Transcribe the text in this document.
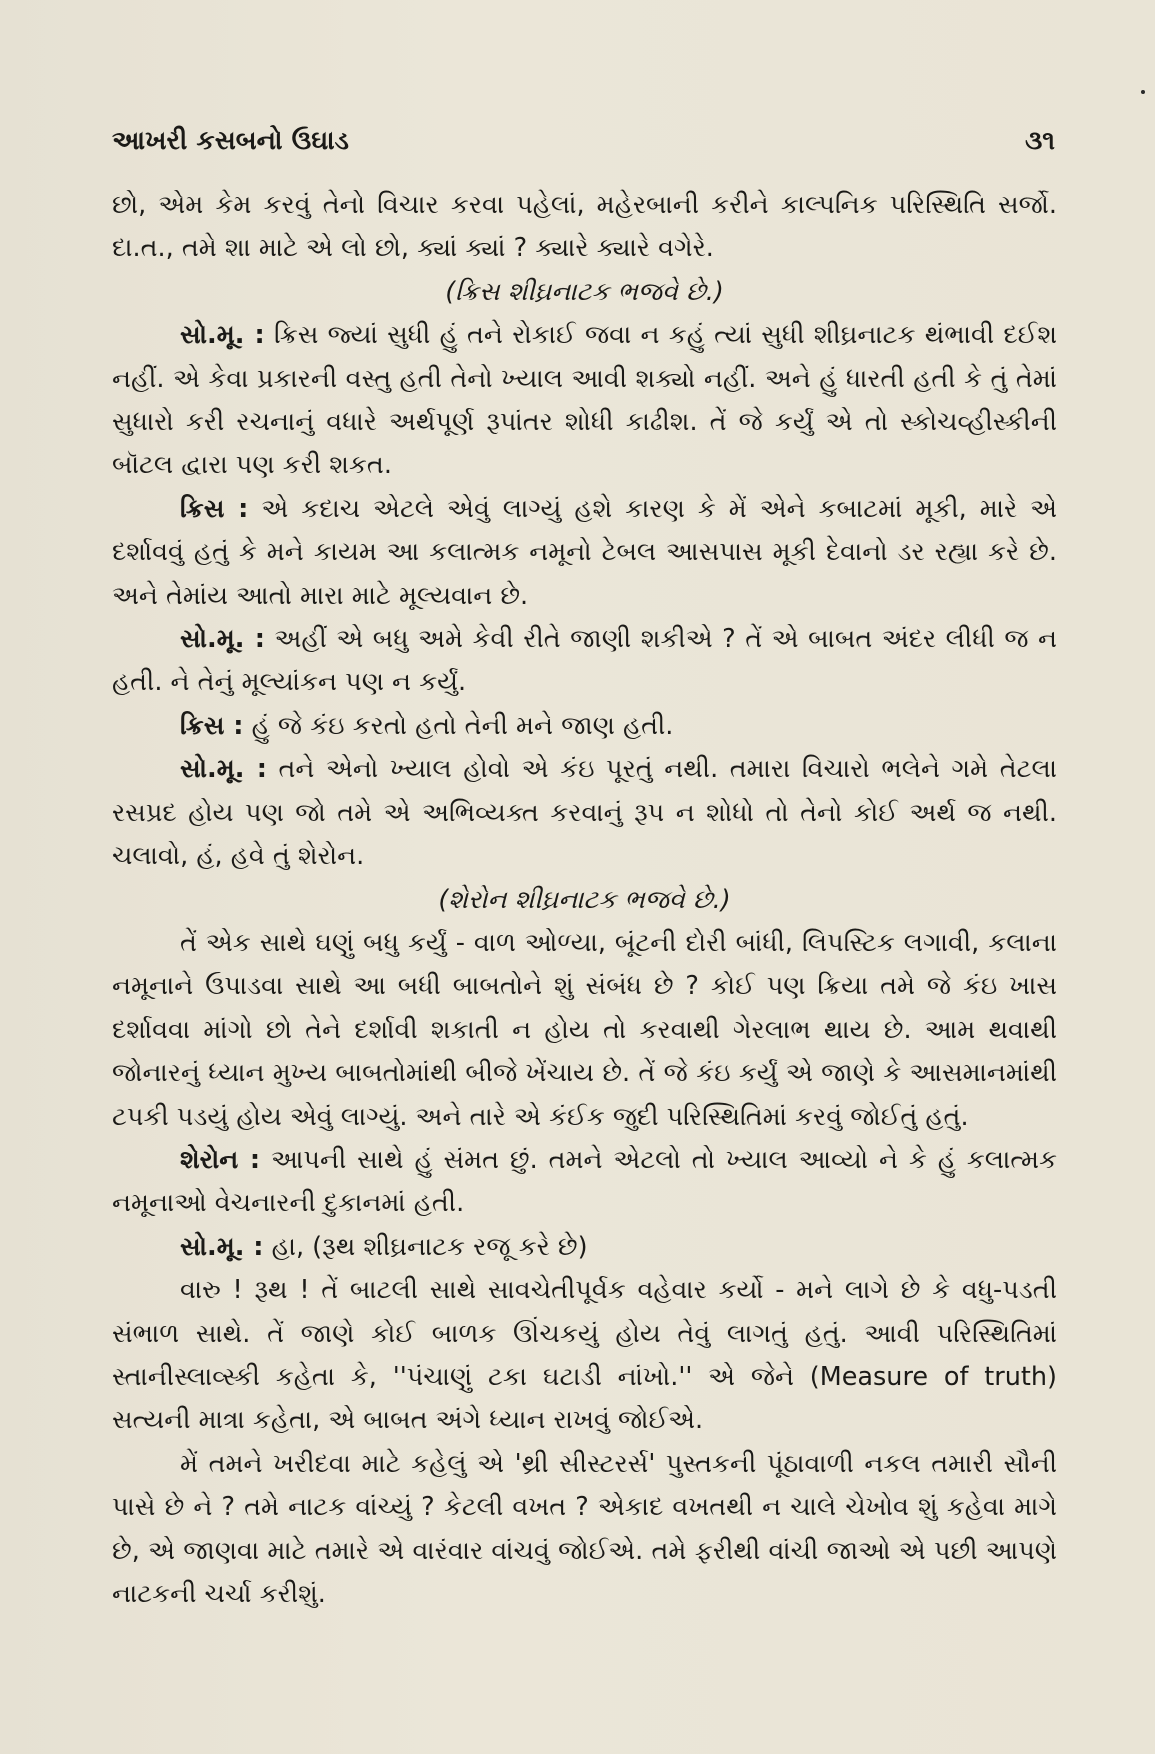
આખરી કસબનો ઉઘાડ	૩૧

છો, એમ કેમ કરવું તેનો વિચાર કરવા પહેલાં, મહેરબાની કરીને કાલ્પનિક પરિસ્થિતિ સર્જો. દા.ત., તમે શા માટે એ લો છો, ક્યાં ક્યાં ? ક્યારે ક્યારે વગેરે.

(ક્રિસ શીઘ્રનાટક ભજવે છે.)

સો.મૂ. : ક્રિસ જ્યાં સુધી હું તને રોકાઈ જવા ન કહું ત્યાં સુધી શીઘ્રનાટક થંભાવી દઈશ નહીં. એ કેવા પ્રકારની વસ્તુ હતી તેનો ખ્યાલ આવી શક્યો નહીં. અને હું ધારતી હતી કે તું તેમાં સુધારો કરી રચનાનું વધારે અર્થપૂર્ણ રૂપાંતર શોધી કાઢીશ. તેં જે કર્યું એ તો સ્કોચવ્હીસ્કીની બૉટલ દ્વારા પણ કરી શકત.

ક્રિસ : એ કદાચ એટલે એવું લાગ્યું હશે કારણ કે મેં એને કબાટમાં મૂકી, મારે એ દર્શાવવું હતું કે મને કાયમ આ કલાત્મક નમૂનો ટેબલ આસપાસ મૂકી દેવાનો ડર રહ્યા કરે છે. અને તેમાંય આતો મારા માટે મૂલ્યવાન છે.

સો.મૂ. : અહીં એ બધુ અમે કેવી રીતે જાણી શકીએ ? તેં એ બાબત અંદર લીધી જ ન હતી. ને તેનું મૂલ્યાંકન પણ ન કર્યું.

ક્રિસ : હું જે કંઇ કરતો હતો તેની મને જાણ હતી.

સો.મૂ. : તને એનો ખ્યાલ હોવો એ કંઇ પૂરતું નથી. તમારા વિચારો ભલેને ગમે તેટલા રસપ્રદ હોય પણ જો તમે એ અભિવ્યક્ત કરવાનું રૂપ ન શોધો તો તેનો કોઈ અર્થ જ નથી. ચલાવો, હં, હવે તું શેરોન.

(શેરોન શીઘ્રનાટક ભજવે છે.)

તેં એક સાથે ઘણું બધુ કર્યું - વાળ ઓળ્યા, બૂંટની દોરી બાંધી, લિપસ્ટિક લગાવી, કલાના નમૂનાને ઉપાડવા સાથે આ બધી બાબતોને શું સંબંધ છે ? કોઈ પણ ક્રિયા તમે જે કંઇ ખાસ દર્શાવવા માંગો છો તેને દર્શાવી શકાતી ન હોય તો કરવાથી ગેરલાભ થાય છે. આમ થવાથી જોનારનું ધ્યાન મુખ્ય બાબતોમાંથી બીજે ખેંચાય છે. તેં જે કંઇ કર્યું એ જાણે કે આસમાનમાંથી ટપકી પડયું હોય એવું લાગ્યું. અને તારે એ કંઈક જુદી પરિસ્થિતિમાં કરવું જોઈતું હતું.

શેરોન : આપની સાથે હું સંમત છું. તમને એટલો તો ખ્યાલ આવ્યો ને કે હું કલાત્મક નમૂનાઓ વેચનારની દુકાનમાં હતી.

સો.મૂ. : હા, (રૂથ શીઘ્રનાટક રજૂ કરે છે)

વારુ ! રૂથ ! તેં બાટલી સાથે સાવચેતીપૂર્વક વહેવાર કર્યો - મને લાગે છે કે વધુ-પડતી સંભાળ સાથે. તેં જાણે કોઈ બાળક ઊંચકયું હોય તેવું લાગતું હતું. આવી પરિસ્થિતિમાં સ્તાનીસ્લાવ્સ્કી કહેતા કે, ''પંચાણું ટકા ઘટાડી નાંખો.'' એ જેને (Measure of truth) સત્યની માત્રા કહેતા, એ બાબત અંગે ધ્યાન રાખવું જોઈએ.

મેં તમને ખરીદવા માટે કહેલું એ 'થ્રી સીસ્ટરર્સ' પુસ્તકની પૂંઠાવાળી નકલ તમારી સૌની પાસે છે ને ? તમે નાટક વાંચ્યું ? કેટલી વખત ? એકાદ વખતથી ન ચાલે ચેખોવ શું કહેવા માગે છે, એ જાણવા માટે તમારે એ વારંવાર વાંચવું જોઈએ. તમે ફરીથી વાંચી જાઓ એ પછી આપણે નાટકની ચર્ચા કરીશું.
